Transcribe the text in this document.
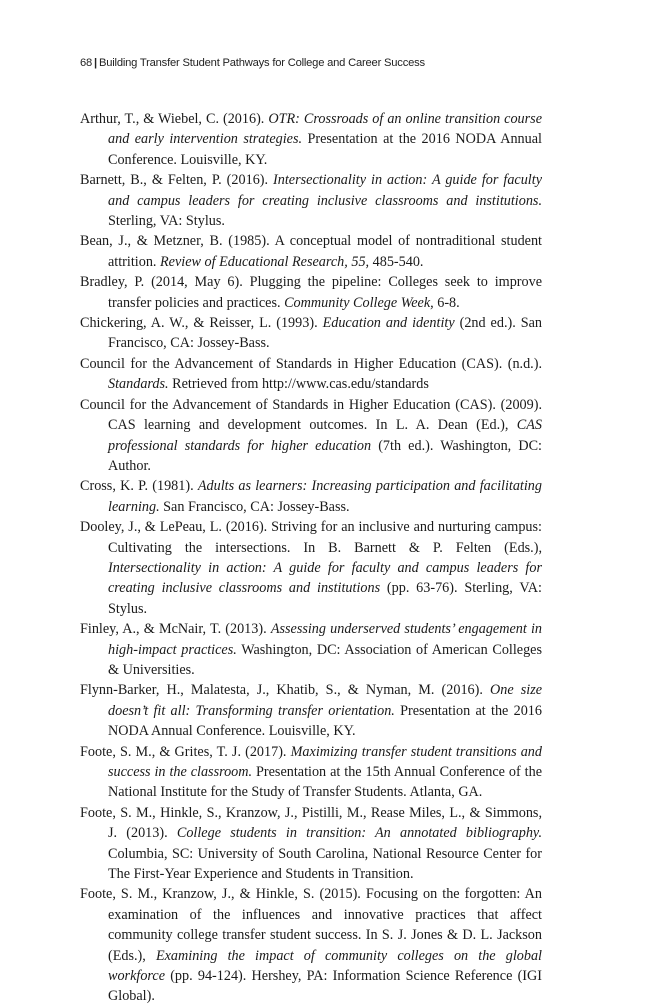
68 | Building Transfer Student Pathways for College and Career Success

Arthur, T., & Wiebel, C. (2016). OTR: Crossroads of an online transition course and early intervention strategies. Presentation at the 2016 NODA Annual Conference. Louisville, KY.

Barnett, B., & Felten, P. (2016). Intersectionality in action: A guide for faculty and campus leaders for creating inclusive classrooms and institutions. Sterling, VA: Stylus.

Bean, J., & Metzner, B. (1985). A conceptual model of nontraditional student attrition. Review of Educational Research, 55, 485-540.

Bradley, P. (2014, May 6). Plugging the pipeline: Colleges seek to improve transfer policies and practices. Community College Week, 6-8.

Chickering, A. W., & Reisser, L. (1993). Education and identity (2nd ed.). San Francisco, CA: Jossey-Bass.

Council for the Advancement of Standards in Higher Education (CAS). (n.d.). Standards. Retrieved from http://www.cas.edu/standards

Council for the Advancement of Standards in Higher Education (CAS). (2009). CAS learning and development outcomes. In L. A. Dean (Ed.), CAS professional standards for higher education (7th ed.). Washington, DC: Author.

Cross, K. P. (1981). Adults as learners: Increasing participation and facilitating learning. San Francisco, CA: Jossey-Bass.

Dooley, J., & LePeau, L. (2016). Striving for an inclusive and nurturing campus: Cultivating the intersections. In B. Barnett & P. Felten (Eds.), Intersectionality in action: A guide for faculty and campus leaders for creating inclusive classrooms and institutions (pp. 63-76). Sterling, VA: Stylus.

Finley, A., & McNair, T. (2013). Assessing underserved students’ engagement in high-impact practices. Washington, DC: Association of American Colleges & Universities.

Flynn-Barker, H., Malatesta, J., Khatib, S., & Nyman, M. (2016). One size doesn’t fit all: Transforming transfer orientation. Presentation at the 2016 NODA Annual Conference. Louisville, KY.

Foote, S. M., & Grites, T. J. (2017). Maximizing transfer student transitions and success in the classroom. Presentation at the 15th Annual Conference of the National Institute for the Study of Transfer Students. Atlanta, GA.

Foote, S. M., Hinkle, S., Kranzow, J., Pistilli, M., Rease Miles, L., & Simmons, J. (2013). College students in transition: An annotated bibliography. Columbia, SC: University of South Carolina, National Resource Center for The First-Year Experience and Students in Transition.

Foote, S. M., Kranzow, J., & Hinkle, S. (2015). Focusing on the forgotten: An examination of the influences and innovative practices that affect community college transfer student success. In S. J. Jones & D. L. Jackson (Eds.), Examining the impact of community colleges on the global workforce (pp. 94-124). Hershey, PA: Information Science Reference (IGI Global).
